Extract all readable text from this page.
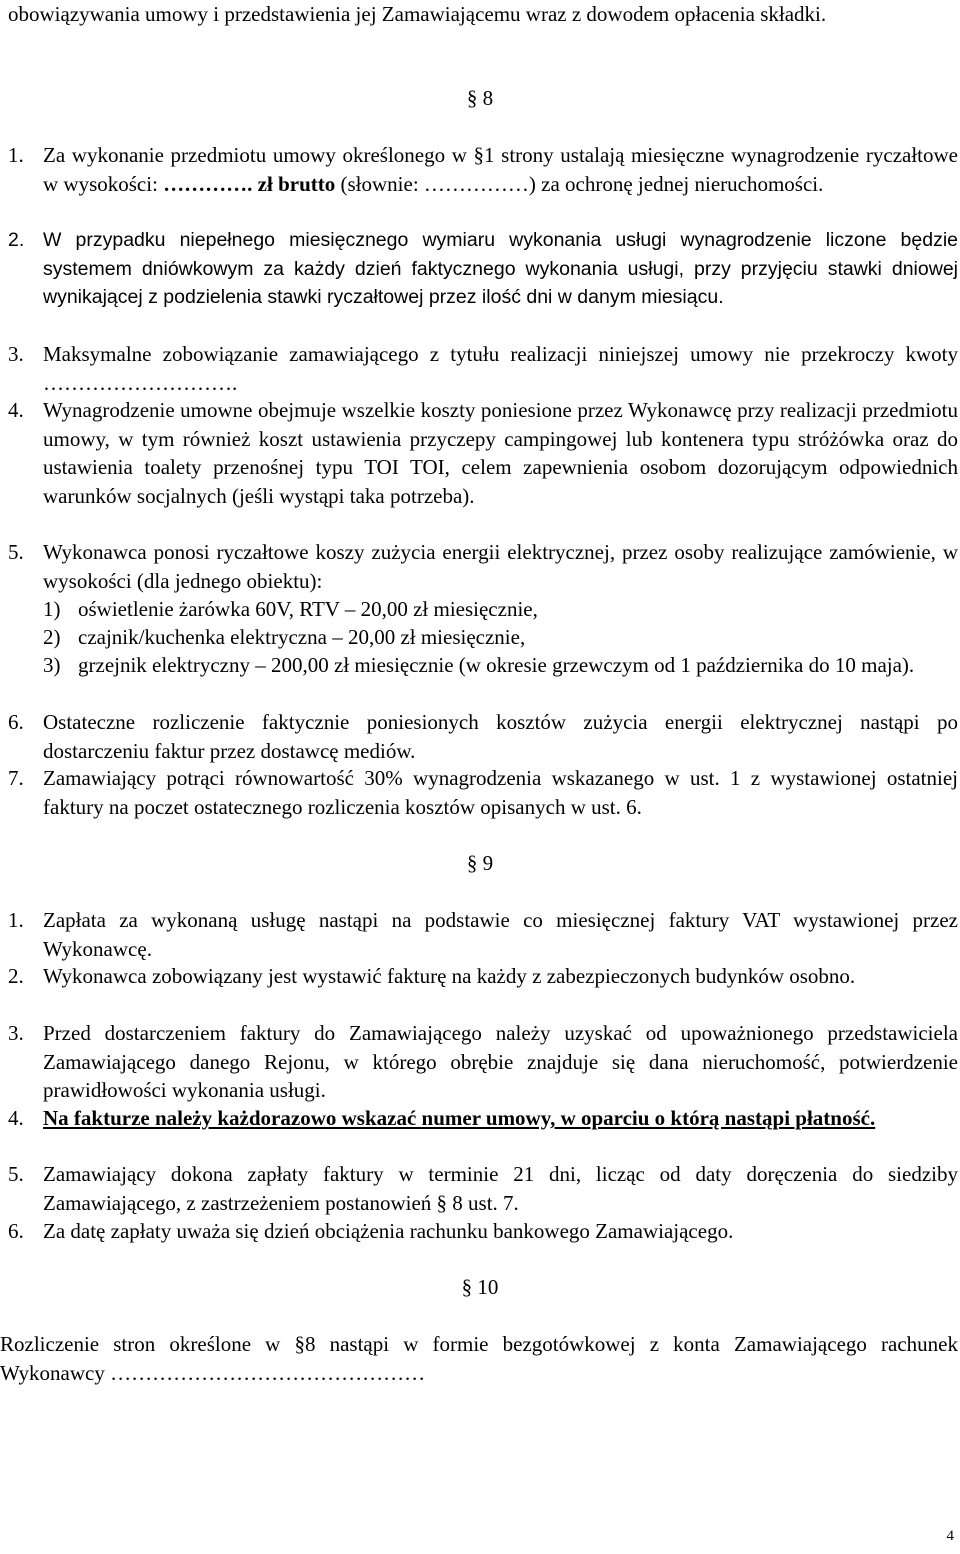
obowiązywania umowy i przedstawienia jej Zamawiającemu wraz z dowodem opłacenia składki.
§ 8
1. Za wykonanie przedmiotu umowy określonego w §1 strony ustalają miesięczne wynagrodzenie ryczałtowe w wysokości: …………. zł brutto (słownie: ……………) za ochronę jednej nieruchomości.
2. W przypadku niepełnego miesięcznego wymiaru wykonania usługi wynagrodzenie liczone będzie systemem dniówkowym za każdy dzień faktycznego wykonania usługi, przy przyjęciu stawki dniowej wynikającej z podzielenia stawki ryczałtowej przez ilość dni w danym miesiącu.
3. Maksymalne zobowiązanie zamawiającego z tytułu realizacji niniejszej umowy nie przekroczy kwoty ……………………….
4. Wynagrodzenie umowne obejmuje wszelkie koszty poniesione przez Wykonawcę przy realizacji przedmiotu umowy, w tym również koszt ustawienia przyczepy campingowej lub kontenera typu stróżówka oraz do ustawienia toalety przenośnej typu TOI TOI, celem zapewnienia osobom dozorującym odpowiednich warunków socjalnych (jeśli wystąpi taka potrzeba).
5. Wykonawca ponosi ryczałtowe koszy zużycia energii elektrycznej, przez osoby realizujące zamówienie, w wysokości (dla jednego obiektu):
1) oświetlenie żarówka 60V, RTV – 20,00 zł miesięcznie,
2) czajnik/kuchenka elektryczna – 20,00 zł miesięcznie,
3) grzejnik elektryczny – 200,00 zł miesięcznie (w okresie grzewczym od 1 października do 10 maja).
6. Ostateczne rozliczenie faktycznie poniesionych kosztów zużycia energii elektrycznej nastąpi po dostarczeniu faktur przez dostawcę mediów.
7. Zamawiający potrąci równowartość 30% wynagrodzenia wskazanego w ust. 1 z wystawionej ostatniej faktury na poczet ostatecznego rozliczenia kosztów opisanych w ust. 6.
§ 9
1. Zapłata za wykonaną usługę nastąpi na podstawie co miesięcznej faktury VAT wystawionej przez Wykonawcę.
2. Wykonawca zobowiązany jest wystawić fakturę na każdy z zabezpieczonych budynków osobno.
3. Przed dostarczeniem faktury do Zamawiającego należy uzyskać od upoważnionego przedstawiciela Zamawiającego danego Rejonu, w którego obrębie znajduje się dana nieruchomość, potwierdzenie prawidłowości wykonania usługi.
4. Na fakturze należy każdorazowo wskazać numer umowy, w oparciu o którą nastąpi płatność.
5. Zamawiający dokona zapłaty faktury w terminie 21 dni, licząc od daty doręczenia do siedziby Zamawiającego, z zastrzeżeniem postanowień § 8 ust. 7.
6. Za datę zapłaty uważa się dzień obciążenia rachunku bankowego Zamawiającego.
§ 10
Rozliczenie stron określone w §8 nastąpi w formie bezgotówkowej z konta Zamawiającego rachunek Wykonawcy ………………………………………
4
